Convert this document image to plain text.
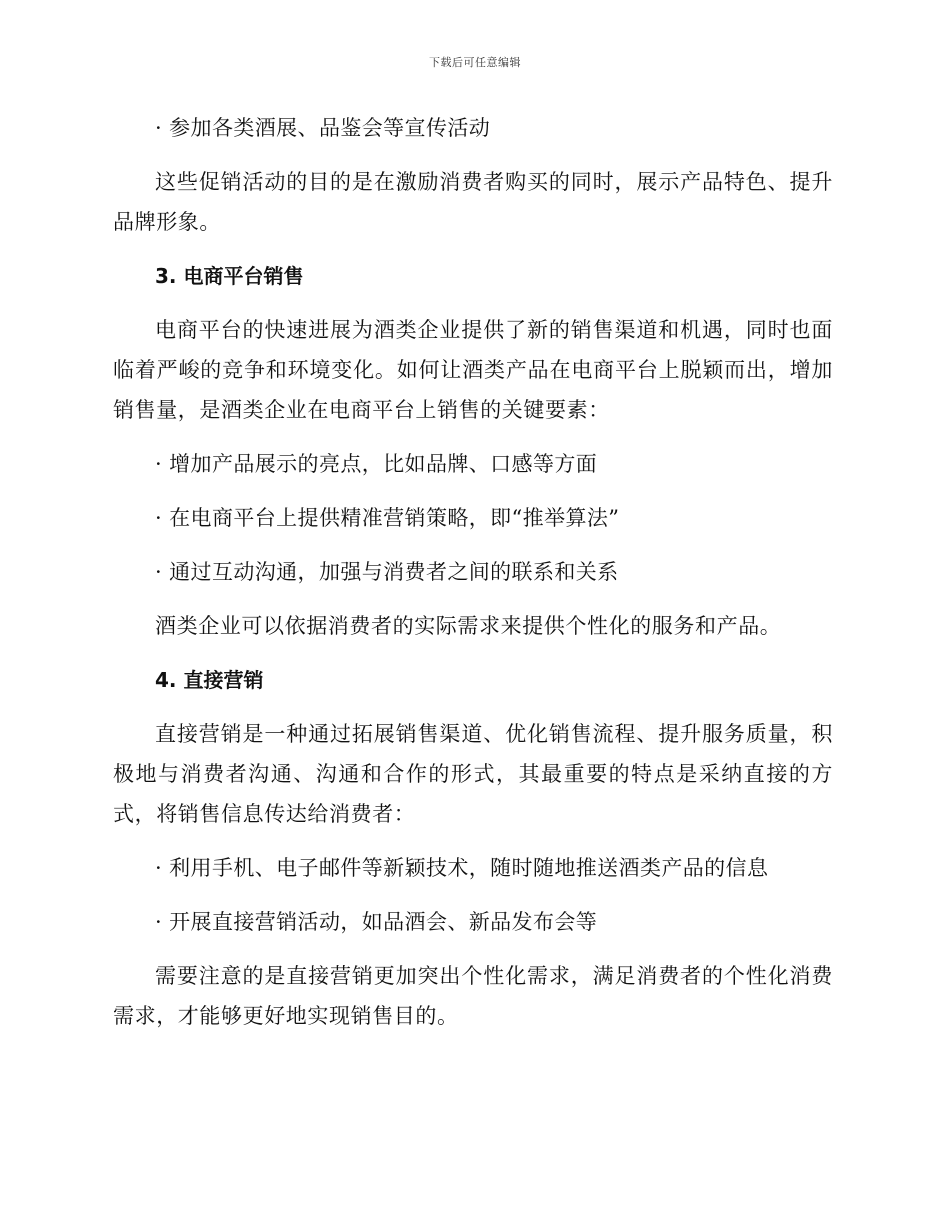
下载后可任意编辑

· 参加各类酒展、品鉴会等宣传活动

这些促销活动的目的是在激励消费者购买的同时，展示产品特色、提升品牌形象。

3. 电商平台销售

电商平台的快速进展为酒类企业提供了新的销售渠道和机遇，同时也面临着严峻的竞争和环境变化。如何让酒类产品在电商平台上脱颖而出，增加销售量，是酒类企业在电商平台上销售的关键要素：

· 增加产品展示的亮点，比如品牌、口感等方面

· 在电商平台上提供精准营销策略，即“推举算法”

· 通过互动沟通，加强与消费者之间的联系和关系

酒类企业可以依据消费者的实际需求来提供个性化的服务和产品。

4. 直接营销

直接营销是一种通过拓展销售渠道、优化销售流程、提升服务质量，积极地与消费者沟通、沟通和合作的形式，其最重要的特点是采纳直接的方式，将销售信息传达给消费者：

· 利用手机、电子邮件等新颖技术，随时随地推送酒类产品的信息

· 开展直接营销活动，如品酒会、新品发布会等

需要注意的是直接营销更加突出个性化需求，满足消费者的个性化消费需求，才能够更好地实现销售目的。
